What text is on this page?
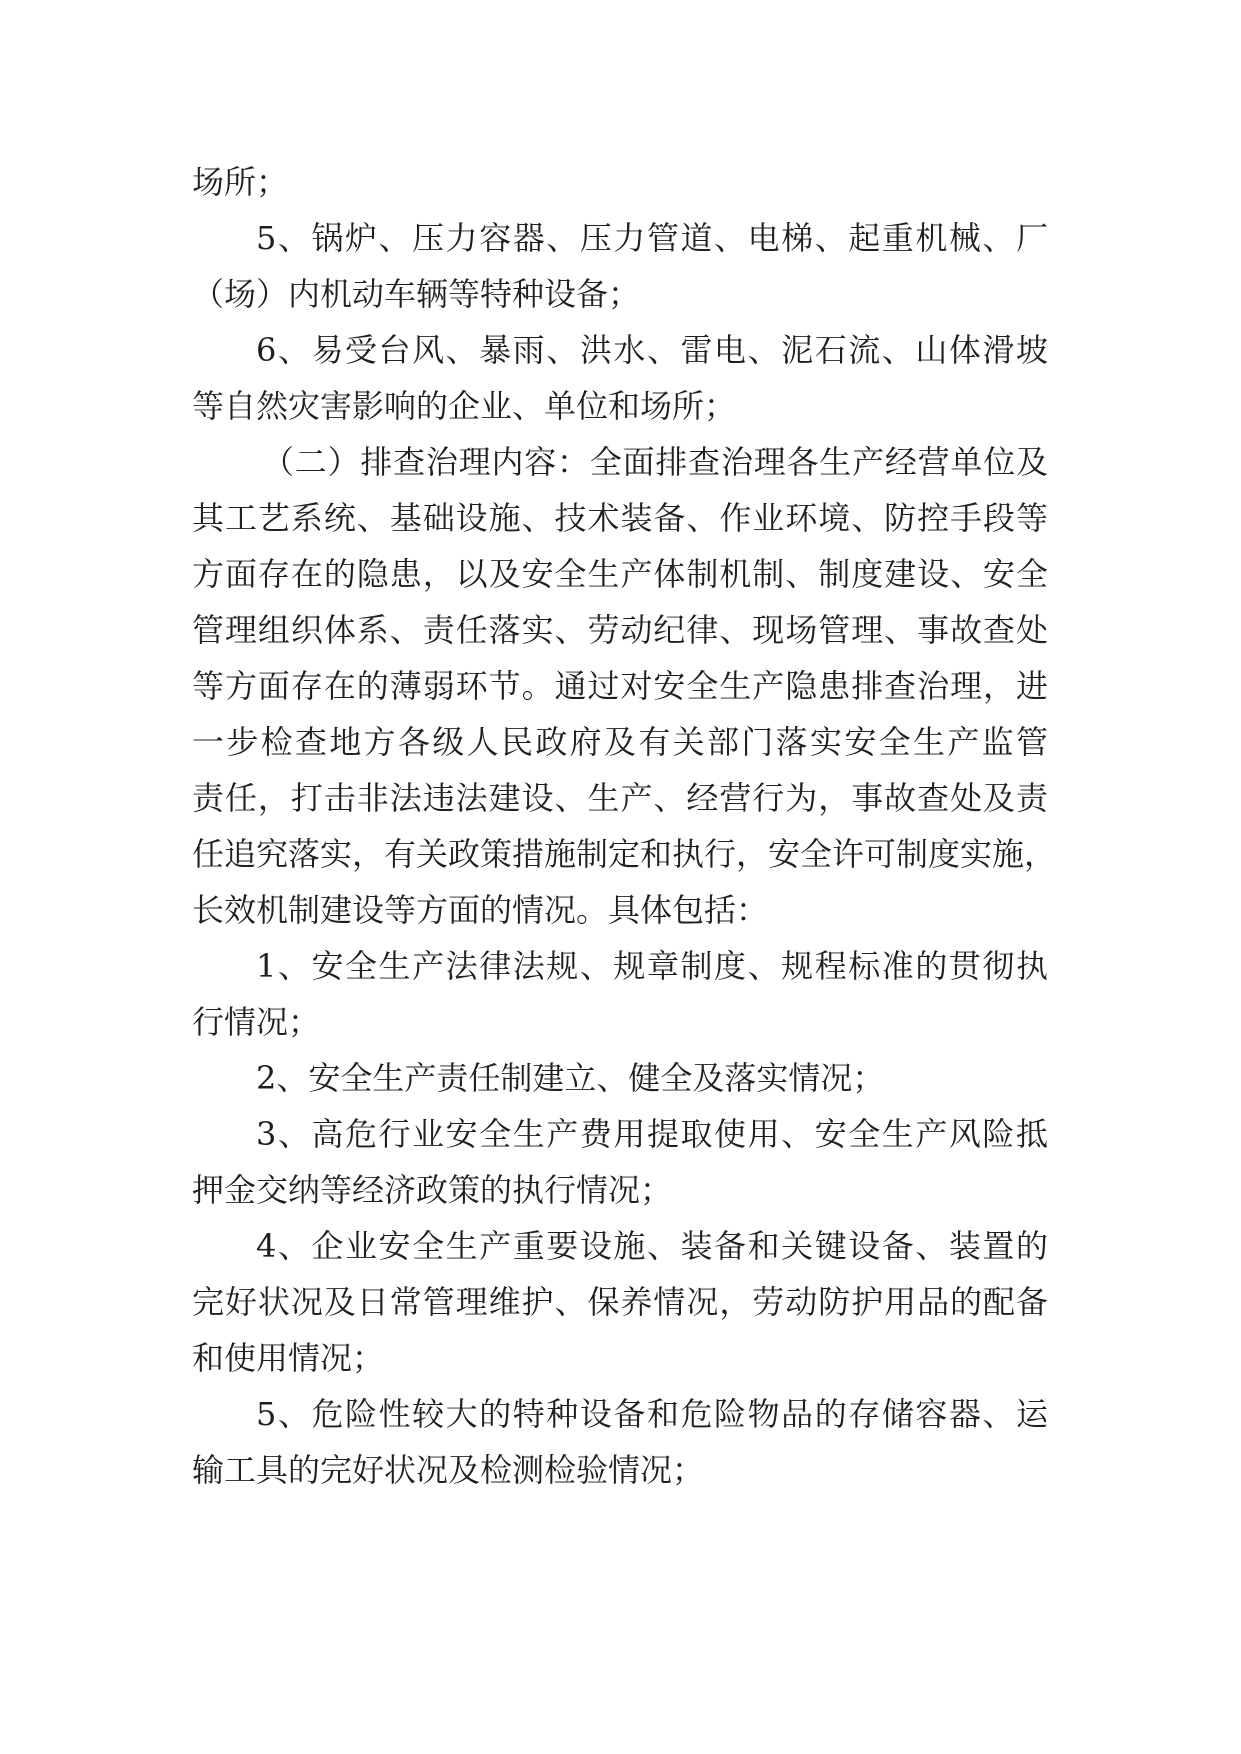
场所；

5、锅炉、压力容器、压力管道、电梯、起重机械、厂
（场）内机动车辆等特种设备；

6、易受台风、暴雨、洪水、雷电、泥石流、山体滑坡
等自然灾害影响的企业、单位和场所；

（二）排查治理内容：全面排查治理各生产经营单位及
其工艺系统、基础设施、技术装备、作业环境、防控手段等
方面存在的隐患，以及安全生产体制机制、制度建设、安全
管理组织体系、责任落实、劳动纪律、现场管理、事故查处
等方面存在的薄弱环节。通过对安全生产隐患排查治理，进
一步检查地方各级人民政府及有关部门落实安全生产监管
责任，打击非法违法建设、生产、经营行为，事故查处及责
任追究落实，有关政策措施制定和执行，安全许可制度实施，
长效机制建设等方面的情况。具体包括：

1、安全生产法律法规、规章制度、规程标准的贯彻执
行情况；

2、安全生产责任制建立、健全及落实情况；

3、高危行业安全生产费用提取使用、安全生产风险抵
押金交纳等经济政策的执行情况；

4、企业安全生产重要设施、装备和关键设备、装置的
完好状况及日常管理维护、保养情况，劳动防护用品的配备
和使用情况；

5、危险性较大的特种设备和危险物品的存储容器、运
输工具的完好状况及检测检验情况；
